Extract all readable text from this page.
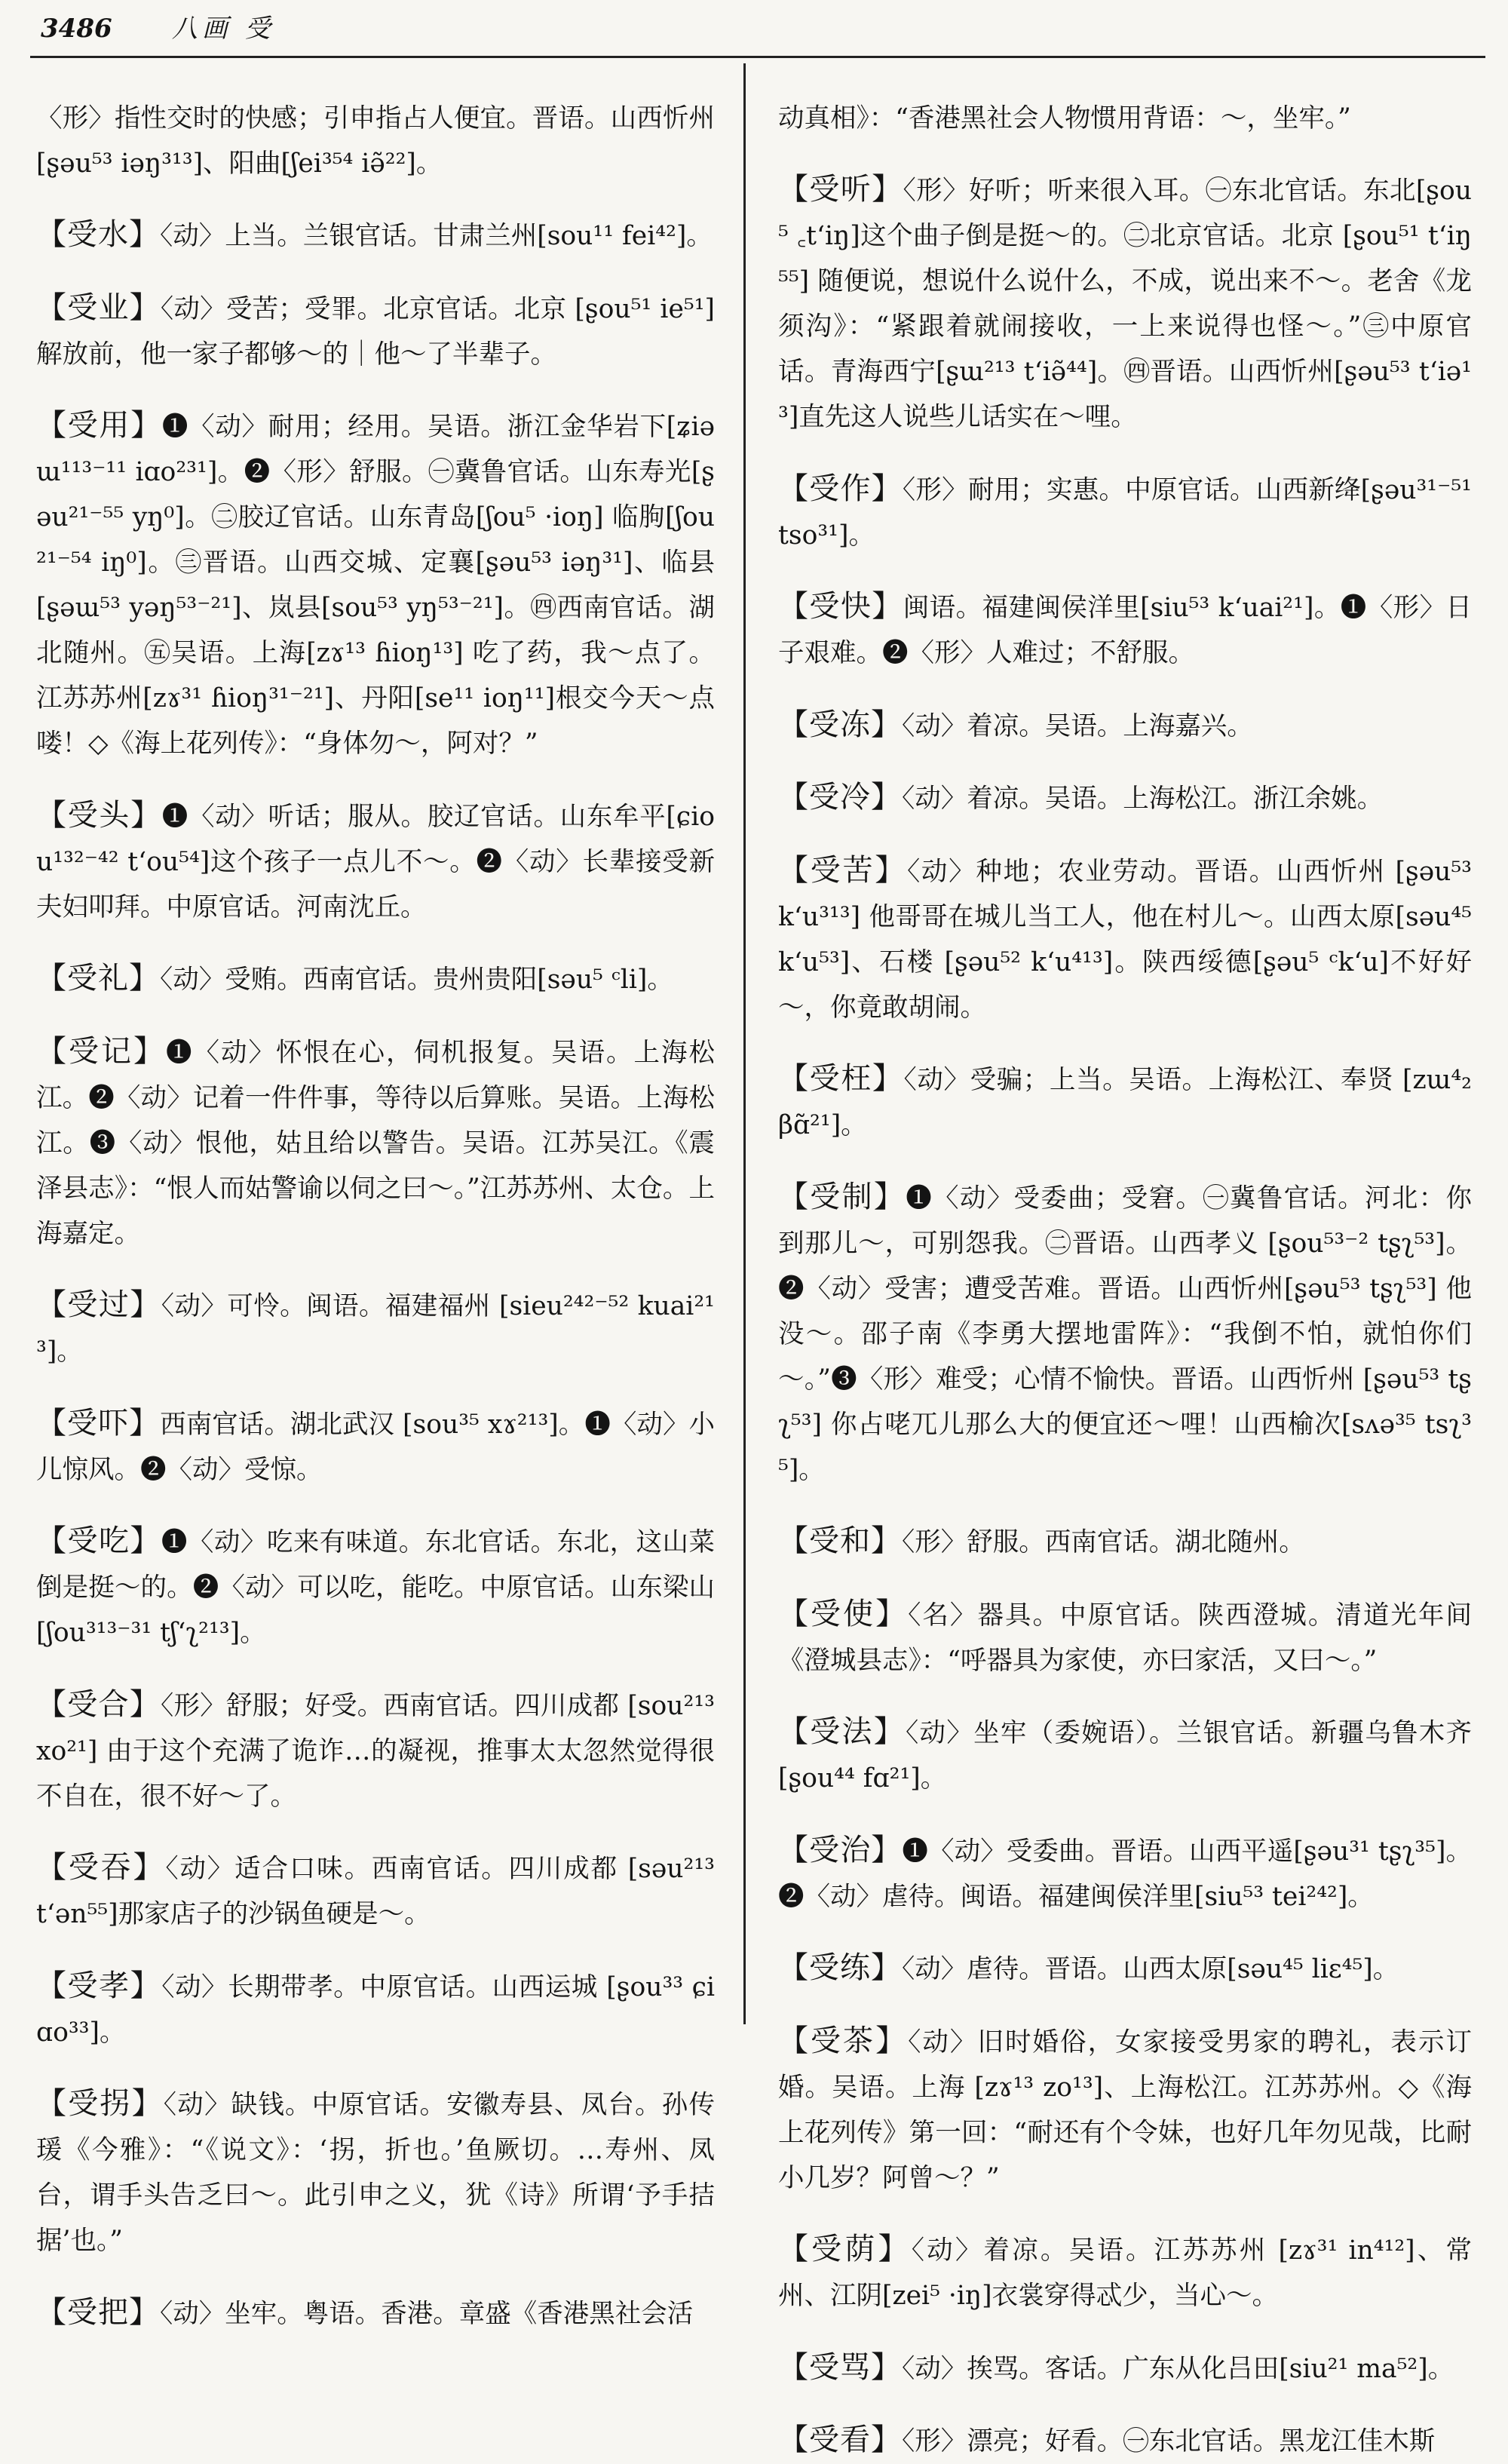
3486 八画 受

〈形〉指性交时的快感；引申指占人便宜。晋语。山西忻州[ʂəu⁵³ iəŋ³¹³]、阳曲[ʃei³⁵⁴ iə̃²²]。

【受水】〈动〉上当。兰银官话。甘肃兰州[sou¹¹ fei⁴²]。

【受业】〈动〉受苦；受罪。北京官话。北京 [ʂou⁵¹ ie⁵¹] 解放前，他一家子都够～的｜他～了半辈子。

【受用】❶〈动〉耐用；经用。吴语。浙江金华岩下[ʑiəɯ¹¹³⁻¹¹ iɑo²³¹]。❷〈形〉舒服。㊀冀鲁官话。山东寿光[ʂəu²¹⁻⁵⁵ yŋ⁰]。㊁胶辽官话。山东青岛[ʃou⁵ ·ioŋ] 临朐[ʃou²¹⁻⁵⁴ iŋ⁰]。㊂晋语。山西交城、定襄[ʂəu⁵³ iəŋ³¹]、临县[ʂəɯ⁵³ yəŋ⁵³⁻²¹]、岚县[sou⁵³ yŋ⁵³⁻²¹]。㊃西南官话。湖北随州。㊄吴语。上海[zɤ¹³ ɦioŋ¹³] 吃了药，我～点了。江苏苏州[zɤ³¹ ɦioŋ³¹⁻²¹]、丹阳[se¹¹ ioŋ¹¹]根交今天～点喽！◇《海上花列传》：“身体勿～，阿对？”

【受头】❶〈动〉听话；服从。胶辽官话。山东牟平[ɕiou¹³²⁻⁴² t‘ou⁵⁴]这个孩子一点儿不～。❷〈动〉长辈接受新夫妇叩拜。中原官话。河南沈丘。

【受礼】〈动〉受贿。西南官话。贵州贵阳[səu⁵ ᶜli]。

【受记】❶〈动〉怀恨在心，伺机报复。吴语。上海松江。❷〈动〉记着一件件事，等待以后算账。吴语。上海松江。❸〈动〉恨他，姑且给以警告。吴语。江苏吴江。《震泽县志》：“恨人而姑警谕以伺之曰～。”江苏苏州、太仓。上海嘉定。

【受过】〈动〉可怜。闽语。福建福州 [sieu²⁴²⁻⁵² kuai²¹³]。

【受吓】西南官话。湖北武汉 [sou³⁵ xɤ²¹³]。❶〈动〉小儿惊风。❷〈动〉受惊。

【受吃】❶〈动〉吃来有味道。东北官话。东北，这山菜倒是挺～的。❷〈动〉可以吃，能吃。中原官话。山东梁山[ʃou³¹³⁻³¹ tʃ‘ʅ²¹³]。

【受合】〈形〉舒服；好受。西南官话。四川成都 [sou²¹³ xo²¹] 由于这个充满了诡诈…的凝视，推事太太忽然觉得很不自在，很不好～了。

【受吞】〈动〉适合口味。西南官话。四川成都 [səu²¹³ t‘ən⁵⁵]那家店子的沙锅鱼硬是～。

【受孝】〈动〉长期带孝。中原官话。山西运城 [ʂou³³ ɕiɑo³³]。

【受拐】〈动〉缺钱。中原官话。安徽寿县、凤台。孙传瑗《今雅》：“《说文》：‘拐，折也。’鱼厥切。…寿州、凤台，谓手头告乏曰～。此引申之义，犹《诗》所谓‘予手拮据’也。”

【受把】〈动〉坐牢。粤语。香港。章盛《香港黑社会活

动真相》：“香港黑社会人物惯用背语：～，坐牢。”

【受听】〈形〉好听；听来很入耳。㊀东北官话。东北[ʂou⁵ ꜀t‘iŋ]这个曲子倒是挺～的。㊁北京官话。北京 [ʂou⁵¹ t‘iŋ⁵⁵] 随便说，想说什么说什么，不成，说出来不～。老舍《龙须沟》：“紧跟着就闹接收，一上来说得也怪～。”㊂中原官话。青海西宁[ʂɯ²¹³ t‘iə̃⁴⁴]。㊃晋语。山西忻州[ʂəu⁵³ t‘iə¹³]直先这人说些儿话实在～哩。

【受作】〈形〉耐用；实惠。中原官话。山西新绛[ʂəu³¹⁻⁵¹ tso³¹]。

【受快】闽语。福建闽侯洋里[siu⁵³ k‘uai²¹]。❶〈形〉日子艰难。❷〈形〉人难过；不舒服。

【受冻】〈动〉着凉。吴语。上海嘉兴。

【受冷】〈动〉着凉。吴语。上海松江。浙江余姚。

【受苦】〈动〉种地；农业劳动。晋语。山西忻州 [ʂəu⁵³ k‘u³¹³] 他哥哥在城儿当工人，他在村儿～。山西太原[səu⁴⁵ k‘u⁵³]、石楼 [ʂəu⁵² k‘u⁴¹³]。陕西绥德[ʂəu⁵ ᶜk‘u]不好好～，你竟敢胡闹。

【受枉】〈动〉受骗；上当。吴语。上海松江、奉贤 [zɯ⁴₂ βɑ̃²¹]。

【受制】❶〈动〉受委曲；受窘。㊀冀鲁官话。河北：你到那儿～，可别怨我。㊁晋语。山西孝义 [ʂou⁵³⁻² tʂʅ⁵³]。❷〈动〉受害；遭受苦难。晋语。山西忻州[ʂəu⁵³ tʂʅ⁵³] 他没～。邵子南《李勇大摆地雷阵》：“我倒不怕，就怕你们～。”❸〈形〉难受；心情不愉快。晋语。山西忻州 [ʂəu⁵³ tʂʅ⁵³] 你占咾兀儿那么大的便宜还～哩！山西榆次[sʌə³⁵ tsʅ³⁵]。

【受和】〈形〉舒服。西南官话。湖北随州。

【受使】〈名〉器具。中原官话。陕西澄城。清道光年间《澄城县志》：“呼器具为家使，亦曰家活，又曰～。”

【受法】〈动〉坐牢（委婉语）。兰银官话。新疆乌鲁木齐 [ʂou⁴⁴ fɑ²¹]。

【受治】❶〈动〉受委曲。晋语。山西平遥[ʂəu³¹ tʂʅ³⁵]。❷〈动〉虐待。闽语。福建闽侯洋里[siu⁵³ tei²⁴²]。

【受练】〈动〉虐待。晋语。山西太原[səu⁴⁵ liɛ⁴⁵]。

【受茶】〈动〉旧时婚俗，女家接受男家的聘礼，表示订婚。吴语。上海 [zɤ¹³ zo¹³]、上海松江。江苏苏州。◇《海上花列传》第一回：“耐还有个令妹，也好几年勿见哉，比耐小几岁？阿曾～？”

【受荫】〈动〉着凉。吴语。江苏苏州 [zɤ³¹ in⁴¹²]、常州、江阴[zei⁵ ·iŋ]衣裳穿得忒少，当心～。

【受骂】〈动〉挨骂。客话。广东从化吕田[siu²¹ ma⁵²]。

【受看】〈形〉漂亮；好看。㊀东北官话。黑龙江佳木斯
